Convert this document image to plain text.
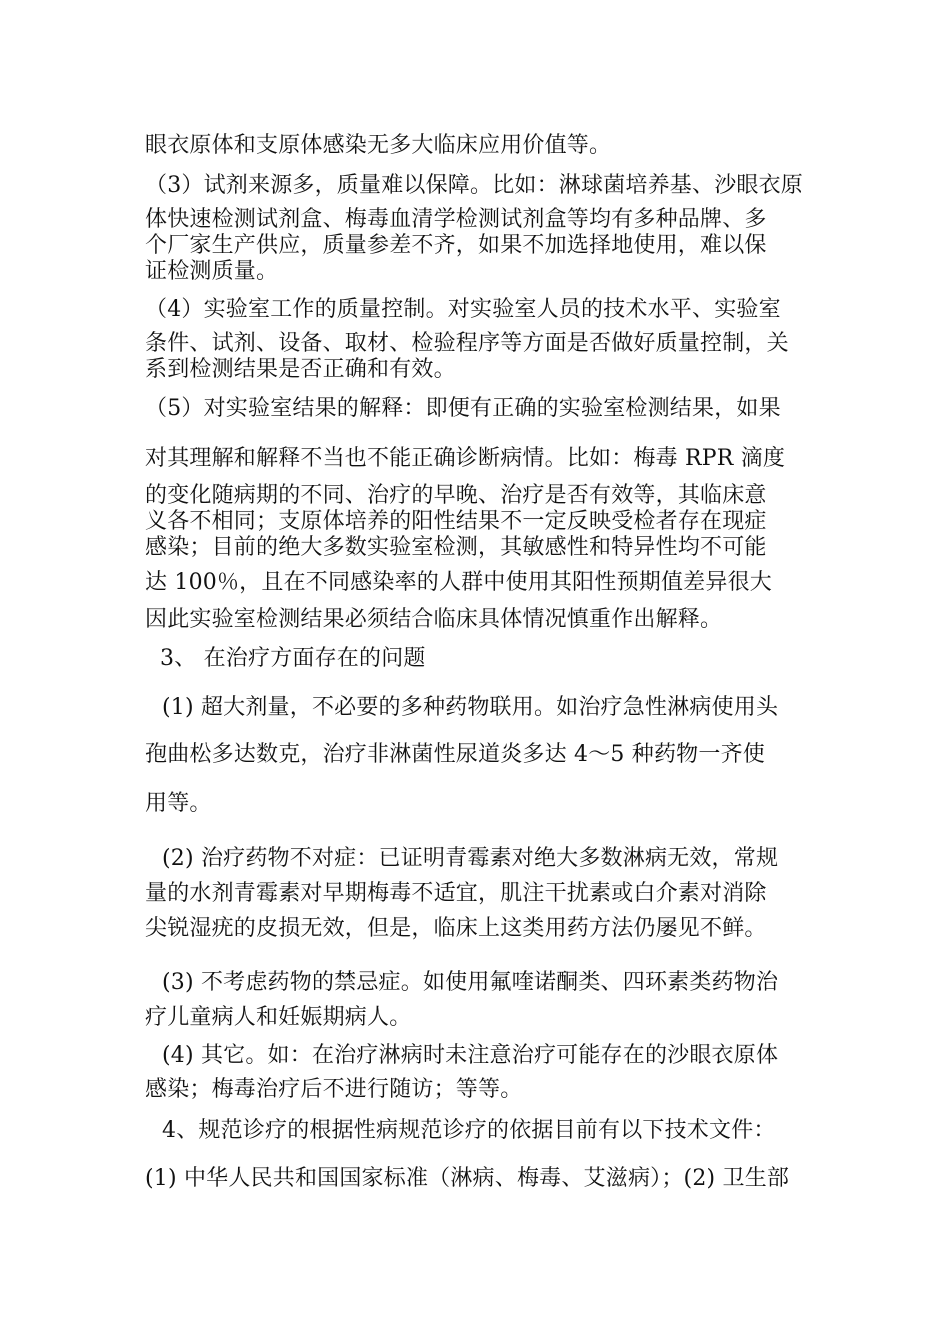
眼衣原体和支原体感染无多大临床应用价值等。
（3）试剂来源多，质量难以保障。比如：淋球菌培养基、沙眼衣原
体快速检测试剂盒、梅毒血清学检测试剂盒等均有多种品牌、多
个厂家生产供应，质量参差不齐，如果不加选择地使用，难以保
证检测质量。
（4）实验室工作的质量控制。对实验室人员的技术水平、实验室
条件、试剂、设备、取材、检验程序等方面是否做好质量控制，关
系到检测结果是否正确和有效。
（5）对实验室结果的解释：即便有正确的实验室检测结果，如果
对其理解和解释不当也不能正确诊断病情。比如：梅毒 RPR 滴度
的变化随病期的不同、治疗的早晚、治疗是否有效等，其临床意
义各不相同；支原体培养的阳性结果不一定反映受检者存在现症
感染；目前的绝大多数实验室检测，其敏感性和特异性均不可能
达 100％，且在不同感染率的人群中使用其阳性预期值差异很大
因此实验室检测结果必须结合临床具体情况慎重作出解释。
3、 在治疗方面存在的问题
(1) 超大剂量，不必要的多种药物联用。如治疗急性淋病使用头
孢曲松多达数克，治疗非淋菌性尿道炎多达 4～5 种药物一齐使
用等。
(2) 治疗药物不对症：已证明青霉素对绝大多数淋病无效，常规
量的水剂青霉素对早期梅毒不适宜，肌注干扰素或白介素对消除
尖锐湿疣的皮损无效，但是，临床上这类用药方法仍屡见不鲜。
(3) 不考虑药物的禁忌症。如使用氟喹诺酮类、四环素类药物治
疗儿童病人和妊娠期病人。
(4) 其它。如：在治疗淋病时未注意治疗可能存在的沙眼衣原体
感染；梅毒治疗后不进行随访；等等。
4、规范诊疗的根据性病规范诊疗的依据目前有以下技术文件：
(1) 中华人民共和国国家标准（淋病、梅毒、艾滋病）；(2) 卫生部
